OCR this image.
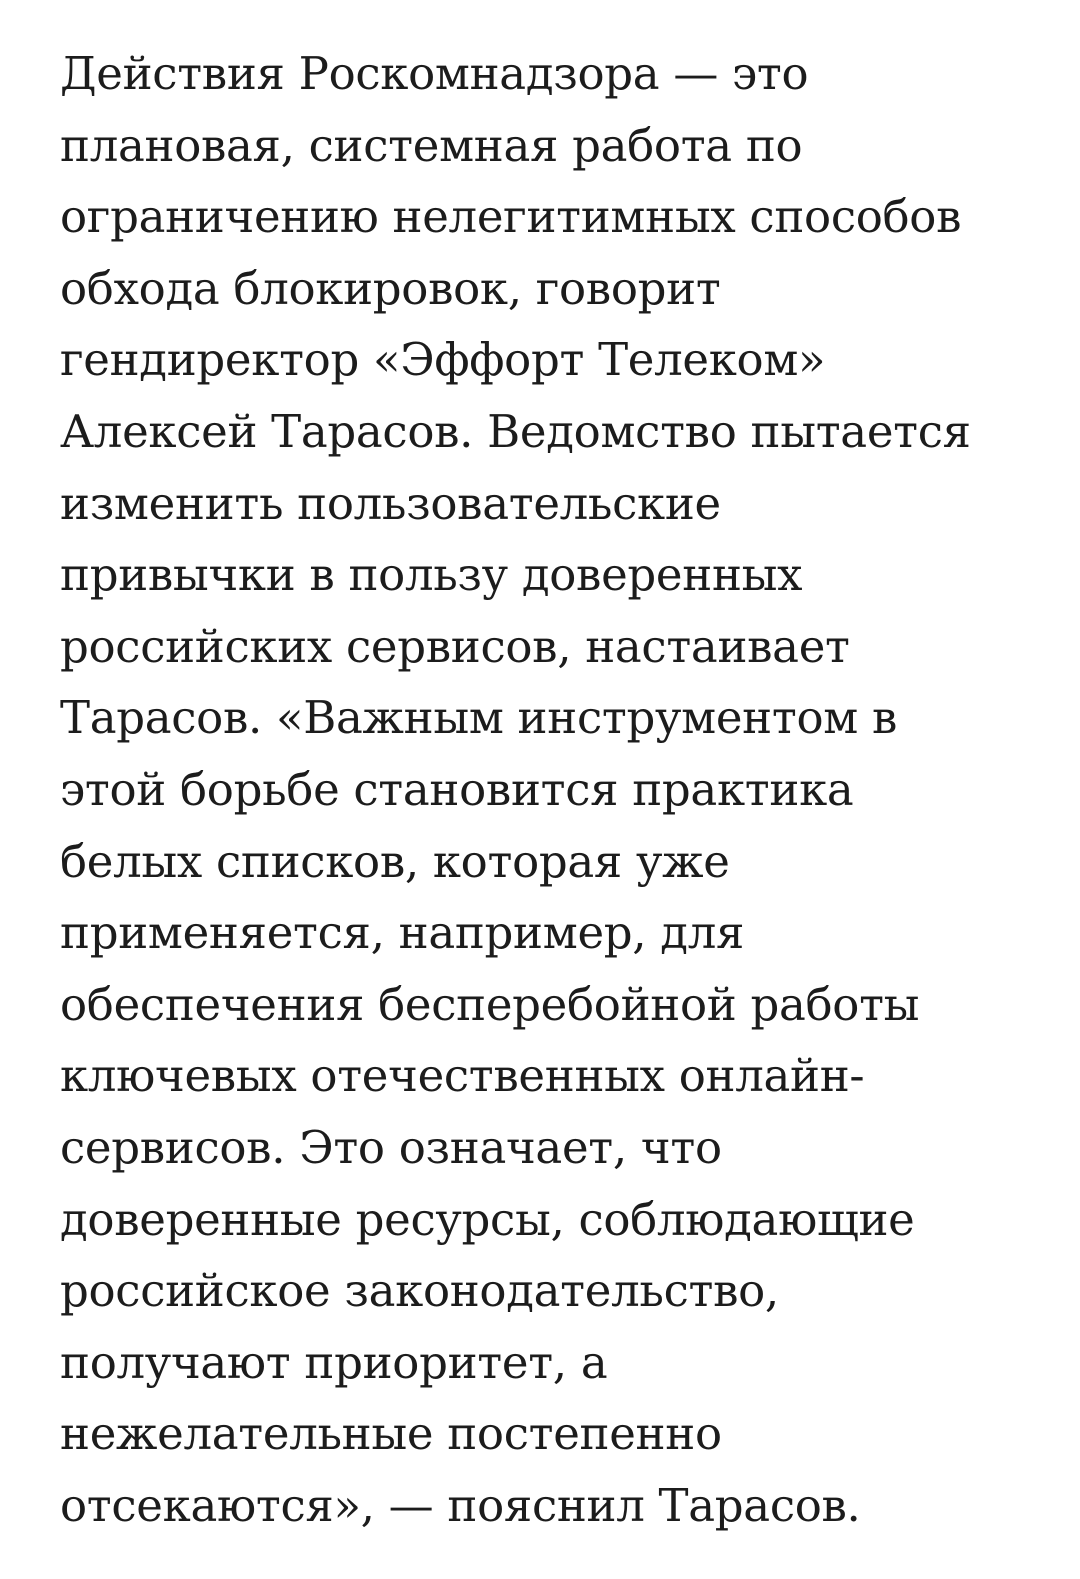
Действия Роскомнадзора — это
плановая, системная работа по
ограничению нелегитимных способов
обхода блокировок, говорит
гендиректор «Эффорт Телеком»
Алексей Тарасов. Ведомство пытается
изменить пользовательские
привычки в пользу доверенных
российских сервисов, настаивает
Тарасов. «Важным инструментом в
этой борьбе становится практика
белых списков, которая уже
применяется, например, для
обеспечения бесперебойной работы
ключевых отечественных онлайн-
сервисов. Это означает, что
доверенные ресурсы, соблюдающие
российское законодательство,
получают приоритет, а
нежелательные постепенно
отсекаются», — пояснил Тарасов.
